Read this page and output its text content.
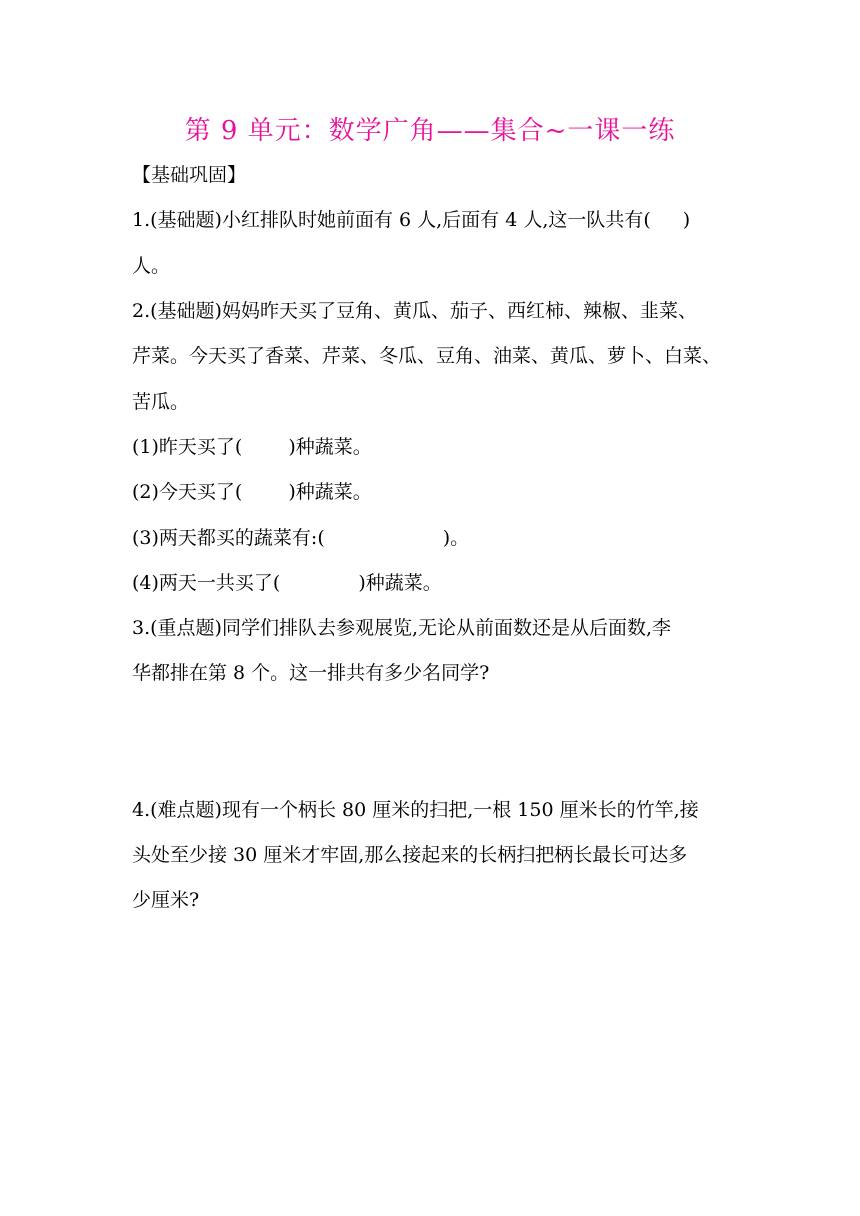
第 9 单元：数学广角——集合~一课一练
【基础巩固】
1.(基础题)小红排队时她前面有 6 人,后面有 4 人,这一队共有( )
人。
2.(基础题)妈妈昨天买了豆角、黄瓜、茄子、西红柿、辣椒、韭菜、
芹菜。今天买了香菜、芹菜、冬瓜、豆角、油菜、黄瓜、萝卜、白菜、
苦瓜。
(1)昨天买了( )种蔬菜。
(2)今天买了( )种蔬菜。
(3)两天都买的蔬菜有:(	)。
(4)两天一共买了(	)种蔬菜。
3.(重点题)同学们排队去参观展览,无论从前面数还是从后面数,李
华都排在第 8 个。这一排共有多少名同学?
4.(难点题)现有一个柄长 80 厘米的扫把,一根 150 厘米长的竹竿,接
头处至少接 30 厘米才牢固,那么接起来的长柄扫把柄长最长可达多
少厘米?
